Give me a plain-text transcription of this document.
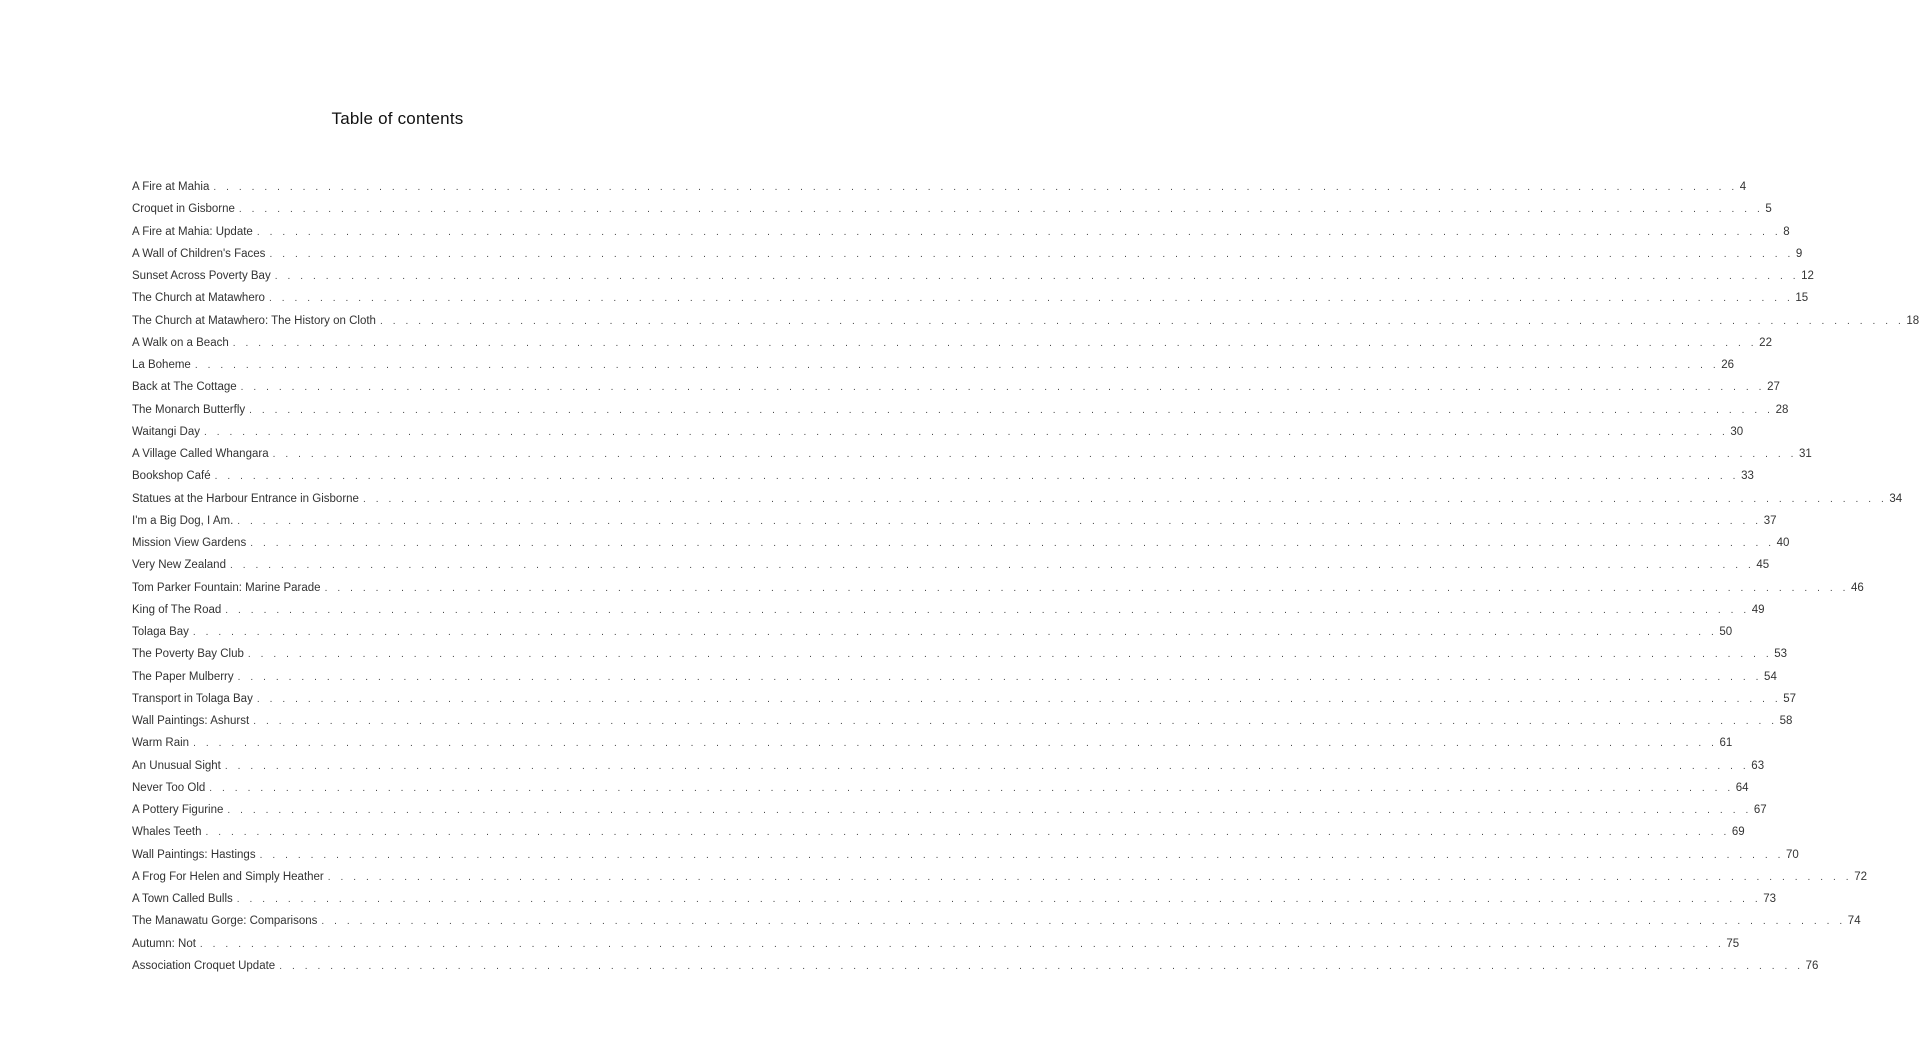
Table of contents
A Fire at Mahia . . . . . . . . . . . . . . . . . . . . . . . . . . . . . . . . . . . . . . . . . . . . . . . . . . . . . . . . . . . . . . . . . . . . . . . . . . . . . . . . . . . . . . . . . . . . . . . . . . . . . . . . . . . . . . . . . . . . . . . . 4
Croquet in Gisborne . . . . . . . . . . . . . . . . . . . . . . . . . . . . . . . . . . . . . . . . . . . . . . . . . . . . . . . . . . . . . . . . . . . . . . . . . . . . . . . . . . . . . . . . . . . . . . . . . . . . . . . . . . . . . . . . . . . . . . . . 5
A Fire at Mahia: Update . . . . . . . . . . . . . . . . . . . . . . . . . . . . . . . . . . . . . . . . . . . . . . . . . . . . . . . . . . . . . . . . . . . . . . . . . . . . . . . . . . . . . . . . . . . . . . . . . . . . . . . . . . . . . . . . . . . . . . . . 8
A Wall of Children's Faces . . . . . . . . . . . . . . . . . . . . . . . . . . . . . . . . . . . . . . . . . . . . . . . . . . . . . . . . . . . . . . . . . . . . . . . . . . . . . . . . . . . . . . . . . . . . . . . . . . . . . . . . . . . . . . . . . . . . . . . . 9
Sunset Across Poverty Bay . . . . . . . . . . . . . . . . . . . . . . . . . . . . . . . . . . . . . . . . . . . . . . . . . . . . . . . . . . . . . . . . . . . . . . . . . . . . . . . . . . . . . . . . . . . . . . . . . . . . . . . . . . . . . . . . . . . . . . . . 12
The Church at Matawhero . . . . . . . . . . . . . . . . . . . . . . . . . . . . . . . . . . . . . . . . . . . . . . . . . . . . . . . . . . . . . . . . . . . . . . . . . . . . . . . . . . . . . . . . . . . . . . . . . . . . . . . . . . . . . . . . . . . . . . . . 15
The Church at Matawhero: The History on Cloth . . . . . . . . . . . . . . . . . . . . . . . . . . . . . . . . . . . . . . . . . . . . . . . . . . . . . . . . . . . . . . . . . . . . . . . . . . . . . . . . . . . . . . . . . . . . . . . . . . . . . . . . . . . . . . . . . . . . . . . . 18
A Walk on a Beach . . . . . . . . . . . . . . . . . . . . . . . . . . . . . . . . . . . . . . . . . . . . . . . . . . . . . . . . . . . . . . . . . . . . . . . . . . . . . . . . . . . . . . . . . . . . . . . . . . . . . . . . . . . . . . . . . . . . . . . . 22
La Boheme . . . . . . . . . . . . . . . . . . . . . . . . . . . . . . . . . . . . . . . . . . . . . . . . . . . . . . . . . . . . . . . . . . . . . . . . . . . . . . . . . . . . . . . . . . . . . . . . . . . . . . . . . . . . . . . . . . . . . . . . 26
Back at The Cottage . . . . . . . . . . . . . . . . . . . . . . . . . . . . . . . . . . . . . . . . . . . . . . . . . . . . . . . . . . . . . . . . . . . . . . . . . . . . . . . . . . . . . . . . . . . . . . . . . . . . . . . . . . . . . . . . . . . . . . . . 27
The Monarch Butterfly . . . . . . . . . . . . . . . . . . . . . . . . . . . . . . . . . . . . . . . . . . . . . . . . . . . . . . . . . . . . . . . . . . . . . . . . . . . . . . . . . . . . . . . . . . . . . . . . . . . . . . . . . . . . . . . . . . . . . . . . 28
Waitangi Day . . . . . . . . . . . . . . . . . . . . . . . . . . . . . . . . . . . . . . . . . . . . . . . . . . . . . . . . . . . . . . . . . . . . . . . . . . . . . . . . . . . . . . . . . . . . . . . . . . . . . . . . . . . . . . . . . . . . . . . . 30
A Village Called Whangara . . . . . . . . . . . . . . . . . . . . . . . . . . . . . . . . . . . . . . . . . . . . . . . . . . . . . . . . . . . . . . . . . . . . . . . . . . . . . . . . . . . . . . . . . . . . . . . . . . . . . . . . . . . . . . . . . . . . . . . . 31
Bookshop Café . . . . . . . . . . . . . . . . . . . . . . . . . . . . . . . . . . . . . . . . . . . . . . . . . . . . . . . . . . . . . . . . . . . . . . . . . . . . . . . . . . . . . . . . . . . . . . . . . . . . . . . . . . . . . . . . . . . . . . . . 33
Statues at the Harbour Entrance in Gisborne . . . . . . . . . . . . . . . . . . . . . . . . . . . . . . . . . . . . . . . . . . . . . . . . . . . . . . . . . . . . . . . . . . . . . . . . . . . . . . . . . . . . . . . . . . . . . . . . . . . . . . . . . . . . . . . . . . . . . . . . 34
I'm a Big Dog, I Am. . . . . . . . . . . . . . . . . . . . . . . . . . . . . . . . . . . . . . . . . . . . . . . . . . . . . . . . . . . . . . . . . . . . . . . . . . . . . . . . . . . . . . . . . . . . . . . . . . . . . . . . . . . . . . . . . . . . . . . . . 37
Mission View Gardens . . . . . . . . . . . . . . . . . . . . . . . . . . . . . . . . . . . . . . . . . . . . . . . . . . . . . . . . . . . . . . . . . . . . . . . . . . . . . . . . . . . . . . . . . . . . . . . . . . . . . . . . . . . . . . . . . . . . . . . . 40
Very New Zealand . . . . . . . . . . . . . . . . . . . . . . . . . . . . . . . . . . . . . . . . . . . . . . . . . . . . . . . . . . . . . . . . . . . . . . . . . . . . . . . . . . . . . . . . . . . . . . . . . . . . . . . . . . . . . . . . . . . . . . . . 45
Tom Parker Fountain: Marine Parade . . . . . . . . . . . . . . . . . . . . . . . . . . . . . . . . . . . . . . . . . . . . . . . . . . . . . . . . . . . . . . . . . . . . . . . . . . . . . . . . . . . . . . . . . . . . . . . . . . . . . . . . . . . . . . . . . . . . . . . . 46
King of The Road . . . . . . . . . . . . . . . . . . . . . . . . . . . . . . . . . . . . . . . . . . . . . . . . . . . . . . . . . . . . . . . . . . . . . . . . . . . . . . . . . . . . . . . . . . . . . . . . . . . . . . . . . . . . . . . . . . . . . . . . 49
Tolaga Bay . . . . . . . . . . . . . . . . . . . . . . . . . . . . . . . . . . . . . . . . . . . . . . . . . . . . . . . . . . . . . . . . . . . . . . . . . . . . . . . . . . . . . . . . . . . . . . . . . . . . . . . . . . . . . . . . . . . . . . . . 50
The Poverty Bay Club . . . . . . . . . . . . . . . . . . . . . . . . . . . . . . . . . . . . . . . . . . . . . . . . . . . . . . . . . . . . . . . . . . . . . . . . . . . . . . . . . . . . . . . . . . . . . . . . . . . . . . . . . . . . . . . . . . . . . . . . 53
The Paper Mulberry . . . . . . . . . . . . . . . . . . . . . . . . . . . . . . . . . . . . . . . . . . . . . . . . . . . . . . . . . . . . . . . . . . . . . . . . . . . . . . . . . . . . . . . . . . . . . . . . . . . . . . . . . . . . . . . . . . . . . . . . 54
Transport in Tolaga Bay . . . . . . . . . . . . . . . . . . . . . . . . . . . . . . . . . . . . . . . . . . . . . . . . . . . . . . . . . . . . . . . . . . . . . . . . . . . . . . . . . . . . . . . . . . . . . . . . . . . . . . . . . . . . . . . . . . . . . . . . 57
Wall Paintings: Ashurst . . . . . . . . . . . . . . . . . . . . . . . . . . . . . . . . . . . . . . . . . . . . . . . . . . . . . . . . . . . . . . . . . . . . . . . . . . . . . . . . . . . . . . . . . . . . . . . . . . . . . . . . . . . . . . . . . . . . . . . . 58
Warm Rain . . . . . . . . . . . . . . . . . . . . . . . . . . . . . . . . . . . . . . . . . . . . . . . . . . . . . . . . . . . . . . . . . . . . . . . . . . . . . . . . . . . . . . . . . . . . . . . . . . . . . . . . . . . . . . . . . . . . . . . . 61
An Unusual Sight . . . . . . . . . . . . . . . . . . . . . . . . . . . . . . . . . . . . . . . . . . . . . . . . . . . . . . . . . . . . . . . . . . . . . . . . . . . . . . . . . . . . . . . . . . . . . . . . . . . . . . . . . . . . . . . . . . . . . . . . 63
Never Too Old . . . . . . . . . . . . . . . . . . . . . . . . . . . . . . . . . . . . . . . . . . . . . . . . . . . . . . . . . . . . . . . . . . . . . . . . . . . . . . . . . . . . . . . . . . . . . . . . . . . . . . . . . . . . . . . . . . . . . . . . 64
A Pottery Figurine . . . . . . . . . . . . . . . . . . . . . . . . . . . . . . . . . . . . . . . . . . . . . . . . . . . . . . . . . . . . . . . . . . . . . . . . . . . . . . . . . . . . . . . . . . . . . . . . . . . . . . . . . . . . . . . . . . . . . . . . 67
Whales Teeth . . . . . . . . . . . . . . . . . . . . . . . . . . . . . . . . . . . . . . . . . . . . . . . . . . . . . . . . . . . . . . . . . . . . . . . . . . . . . . . . . . . . . . . . . . . . . . . . . . . . . . . . . . . . . . . . . . . . . . . . 69
Wall Paintings: Hastings . . . . . . . . . . . . . . . . . . . . . . . . . . . . . . . . . . . . . . . . . . . . . . . . . . . . . . . . . . . . . . . . . . . . . . . . . . . . . . . . . . . . . . . . . . . . . . . . . . . . . . . . . . . . . . . . . . . . . . . . 70
A Frog For Helen and Simply Heather . . . . . . . . . . . . . . . . . . . . . . . . . . . . . . . . . . . . . . . . . . . . . . . . . . . . . . . . . . . . . . . . . . . . . . . . . . . . . . . . . . . . . . . . . . . . . . . . . . . . . . . . . . . . . . . . . . . . . . . . 72
A Town Called Bulls . . . . . . . . . . . . . . . . . . . . . . . . . . . . . . . . . . . . . . . . . . . . . . . . . . . . . . . . . . . . . . . . . . . . . . . . . . . . . . . . . . . . . . . . . . . . . . . . . . . . . . . . . . . . . . . . . . . . . . . . 73
The Manawatu Gorge: Comparisons . . . . . . . . . . . . . . . . . . . . . . . . . . . . . . . . . . . . . . . . . . . . . . . . . . . . . . . . . . . . . . . . . . . . . . . . . . . . . . . . . . . . . . . . . . . . . . . . . . . . . . . . . . . . . . . . . . . . . . . . 74
Autumn: Not . . . . . . . . . . . . . . . . . . . . . . . . . . . . . . . . . . . . . . . . . . . . . . . . . . . . . . . . . . . . . . . . . . . . . . . . . . . . . . . . . . . . . . . . . . . . . . . . . . . . . . . . . . . . . . . . . . . . . . . . 75
Association Croquet Update . . . . . . . . . . . . . . . . . . . . . . . . . . . . . . . . . . . . . . . . . . . . . . . . . . . . . . . . . . . . . . . . . . . . . . . . . . . . . . . . . . . . . . . . . . . . . . . . . . . . . . . . . . . . . . . . . . . . . . . . 76
